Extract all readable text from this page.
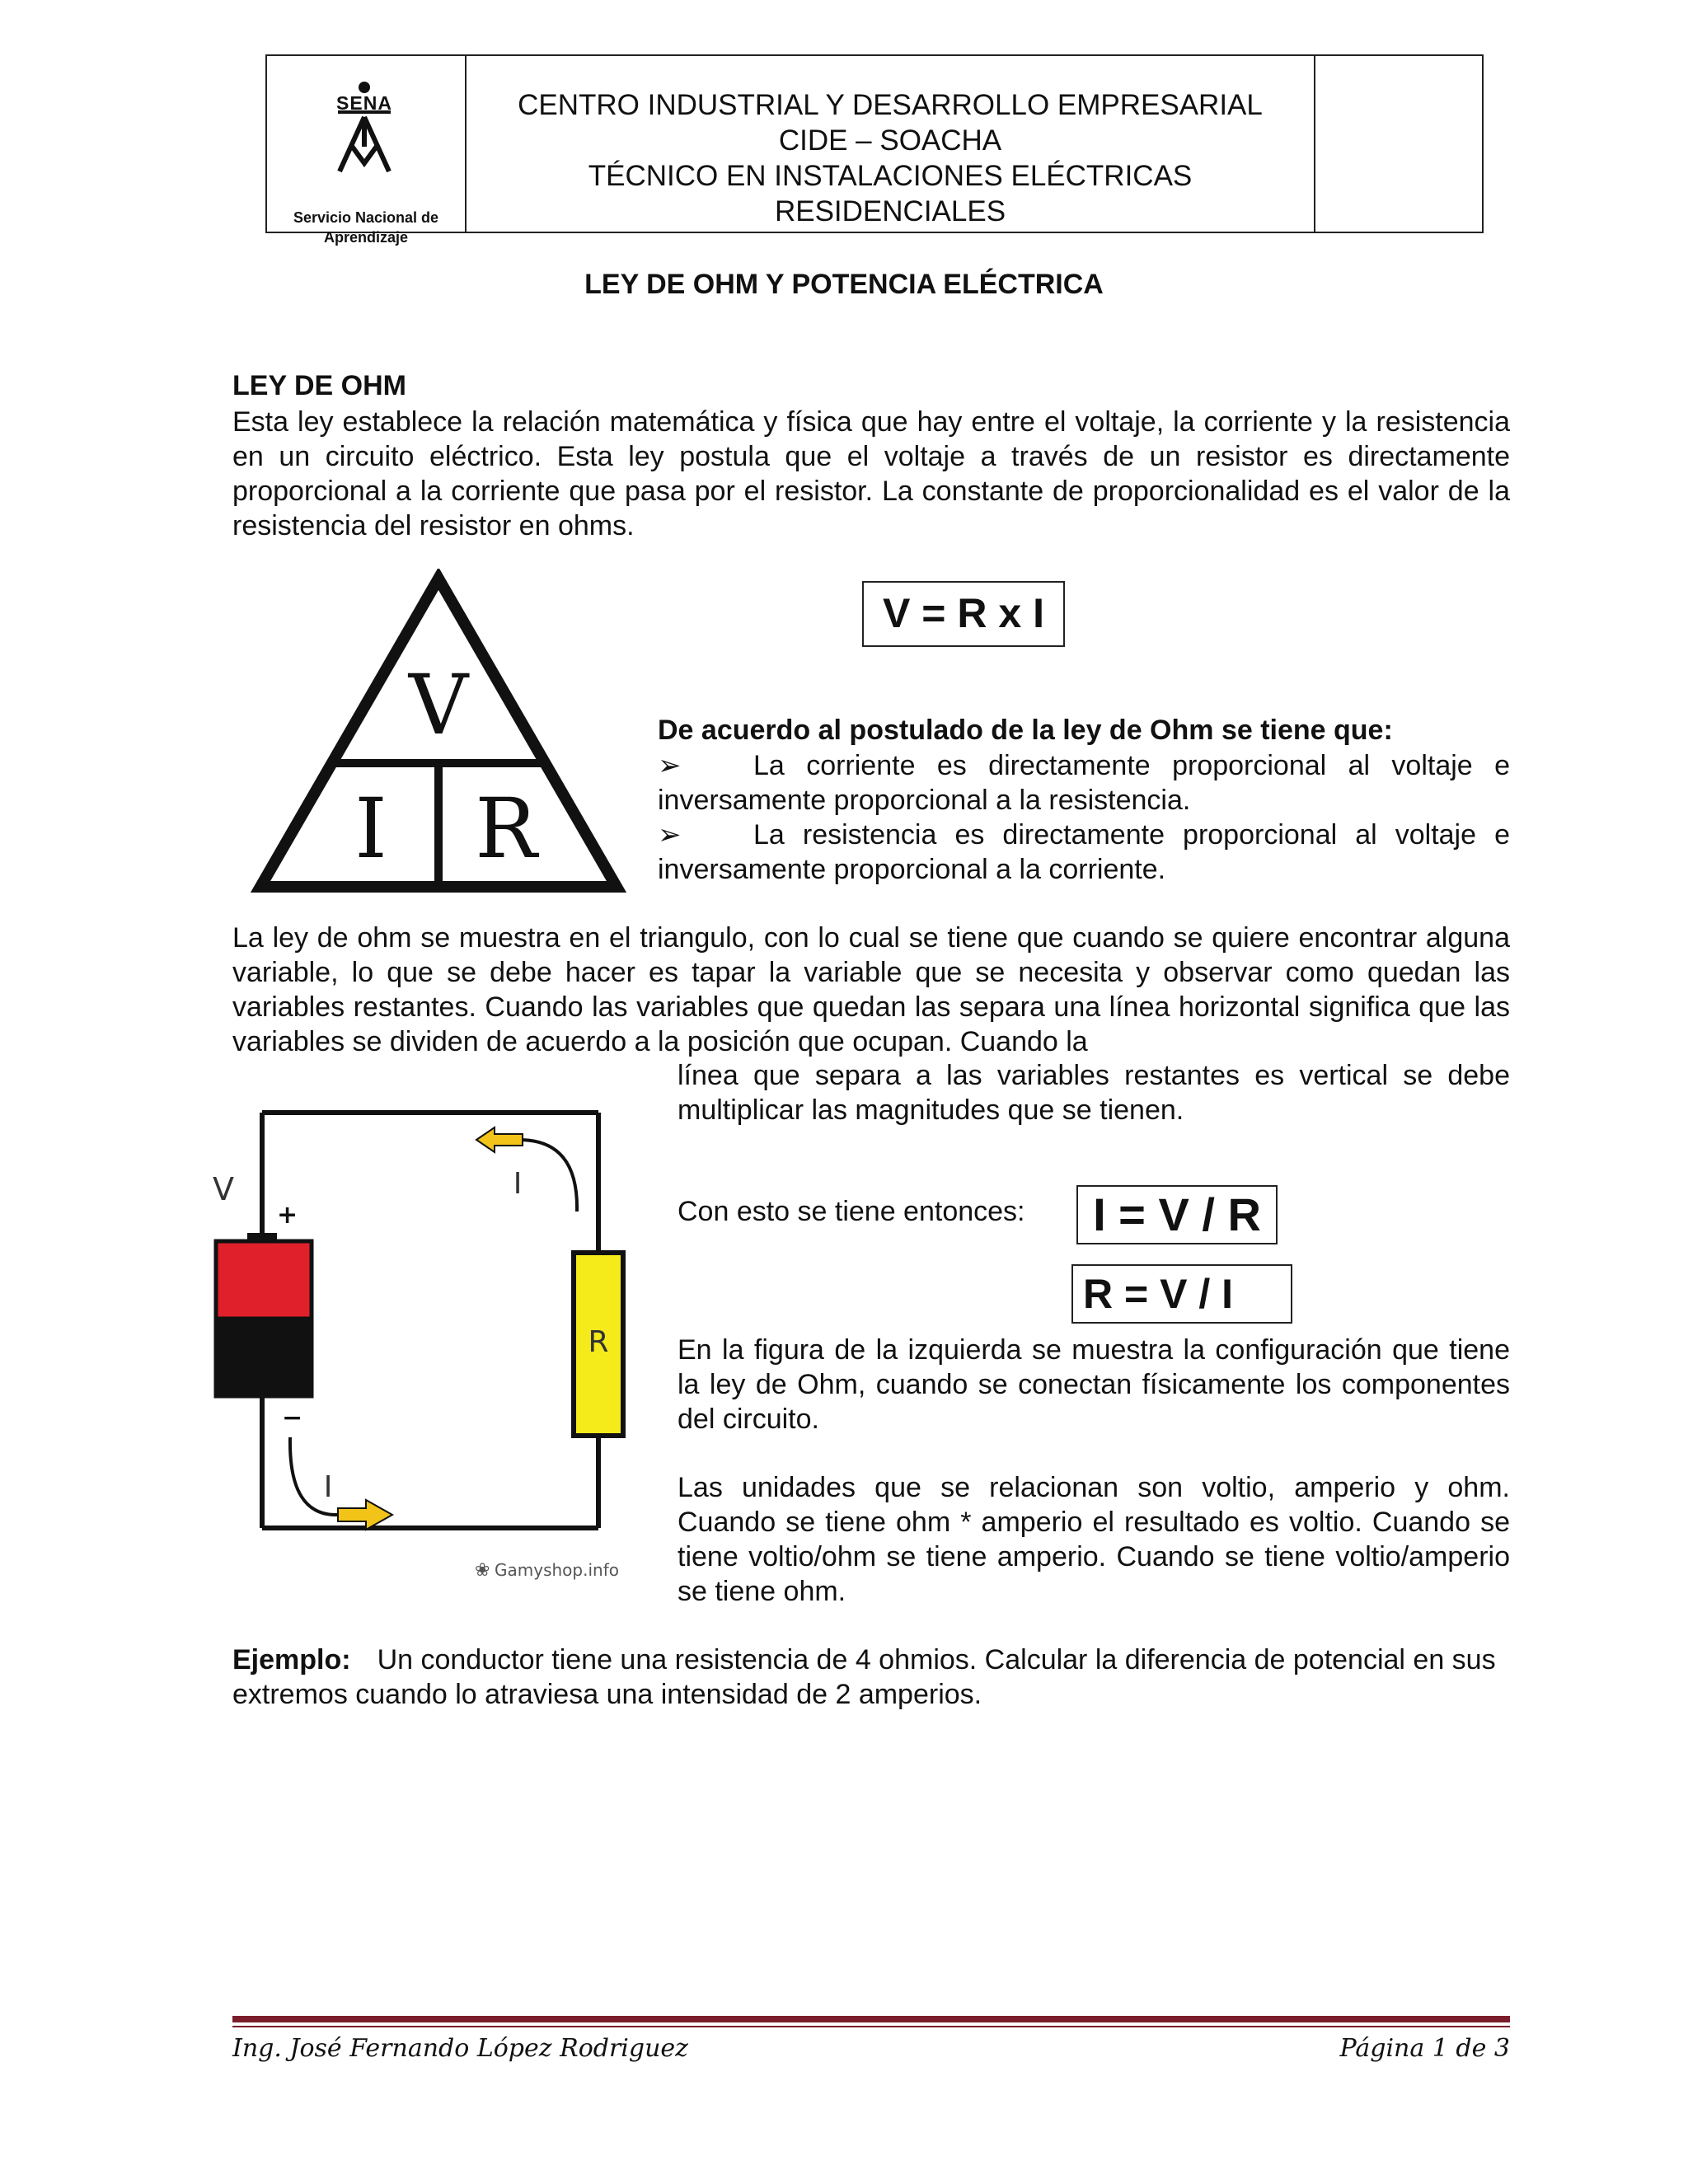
SENA
Servicio Nacional de Aprendizaje
CENTRO INDUSTRIAL Y DESARROLLO EMPRESARIAL
CIDE – SOACHA
TÉCNICO EN INSTALACIONES ELÉCTRICAS
RESIDENCIALES
LEY DE OHM Y POTENCIA ELÉCTRICA
LEY DE OHM

Esta ley establece la relación matemática y física que hay entre el voltaje, la corriente y la resistencia en un circuito eléctrico. Esta ley postula que el voltaje a través de un resistor es directamente proporcional a la corriente que pasa por el resistor. La constante de proporcionalidad es el valor de la resistencia del resistor en ohms.

V
I R
V = R x I
De acuerdo al postulado de la ley de Ohm se tiene que:

➢	La corriente es directamente proporcional al voltaje e inversamente proporcional a la resistencia.

➢	La resistencia es directamente proporcional al voltaje e inversamente proporcional a la corriente.

La ley de ohm se muestra en el triangulo, con lo cual se tiene que cuando se quiere encontrar alguna variable, lo que se debe hacer es tapar la variable que se necesita y observar como quedan las variables restantes. Cuando las variables que quedan las separa una línea horizontal significa que las variables se dividen de acuerdo a la posición que ocupan. Cuando la

línea que separa a las variables restantes es vertical se debe multiplicar las magnitudes que se tienen.

R
V
+
−
I
I
Gamyshop.info
❀
Con esto se tiene entonces:	I = V / R
R = V / I

En la figura de la izquierda se muestra la configuración que tiene la ley de Ohm, cuando se conectan físicamente los componentes del circuito.

Las unidades que se relacionan son voltio, amperio y ohm. Cuando se tiene ohm * amperio el resultado es voltio. Cuando se tiene voltio/ohm se tiene amperio. Cuando se tiene voltio/amperio se tiene ohm.

Ejemplo: Un conductor tiene una resistencia de 4 ohmios. Calcular la diferencia de potencial en sus extremos cuando lo atraviesa una intensidad de 2 amperios.

Ing. José Fernando López Rodriguez	Página 1 de 3
